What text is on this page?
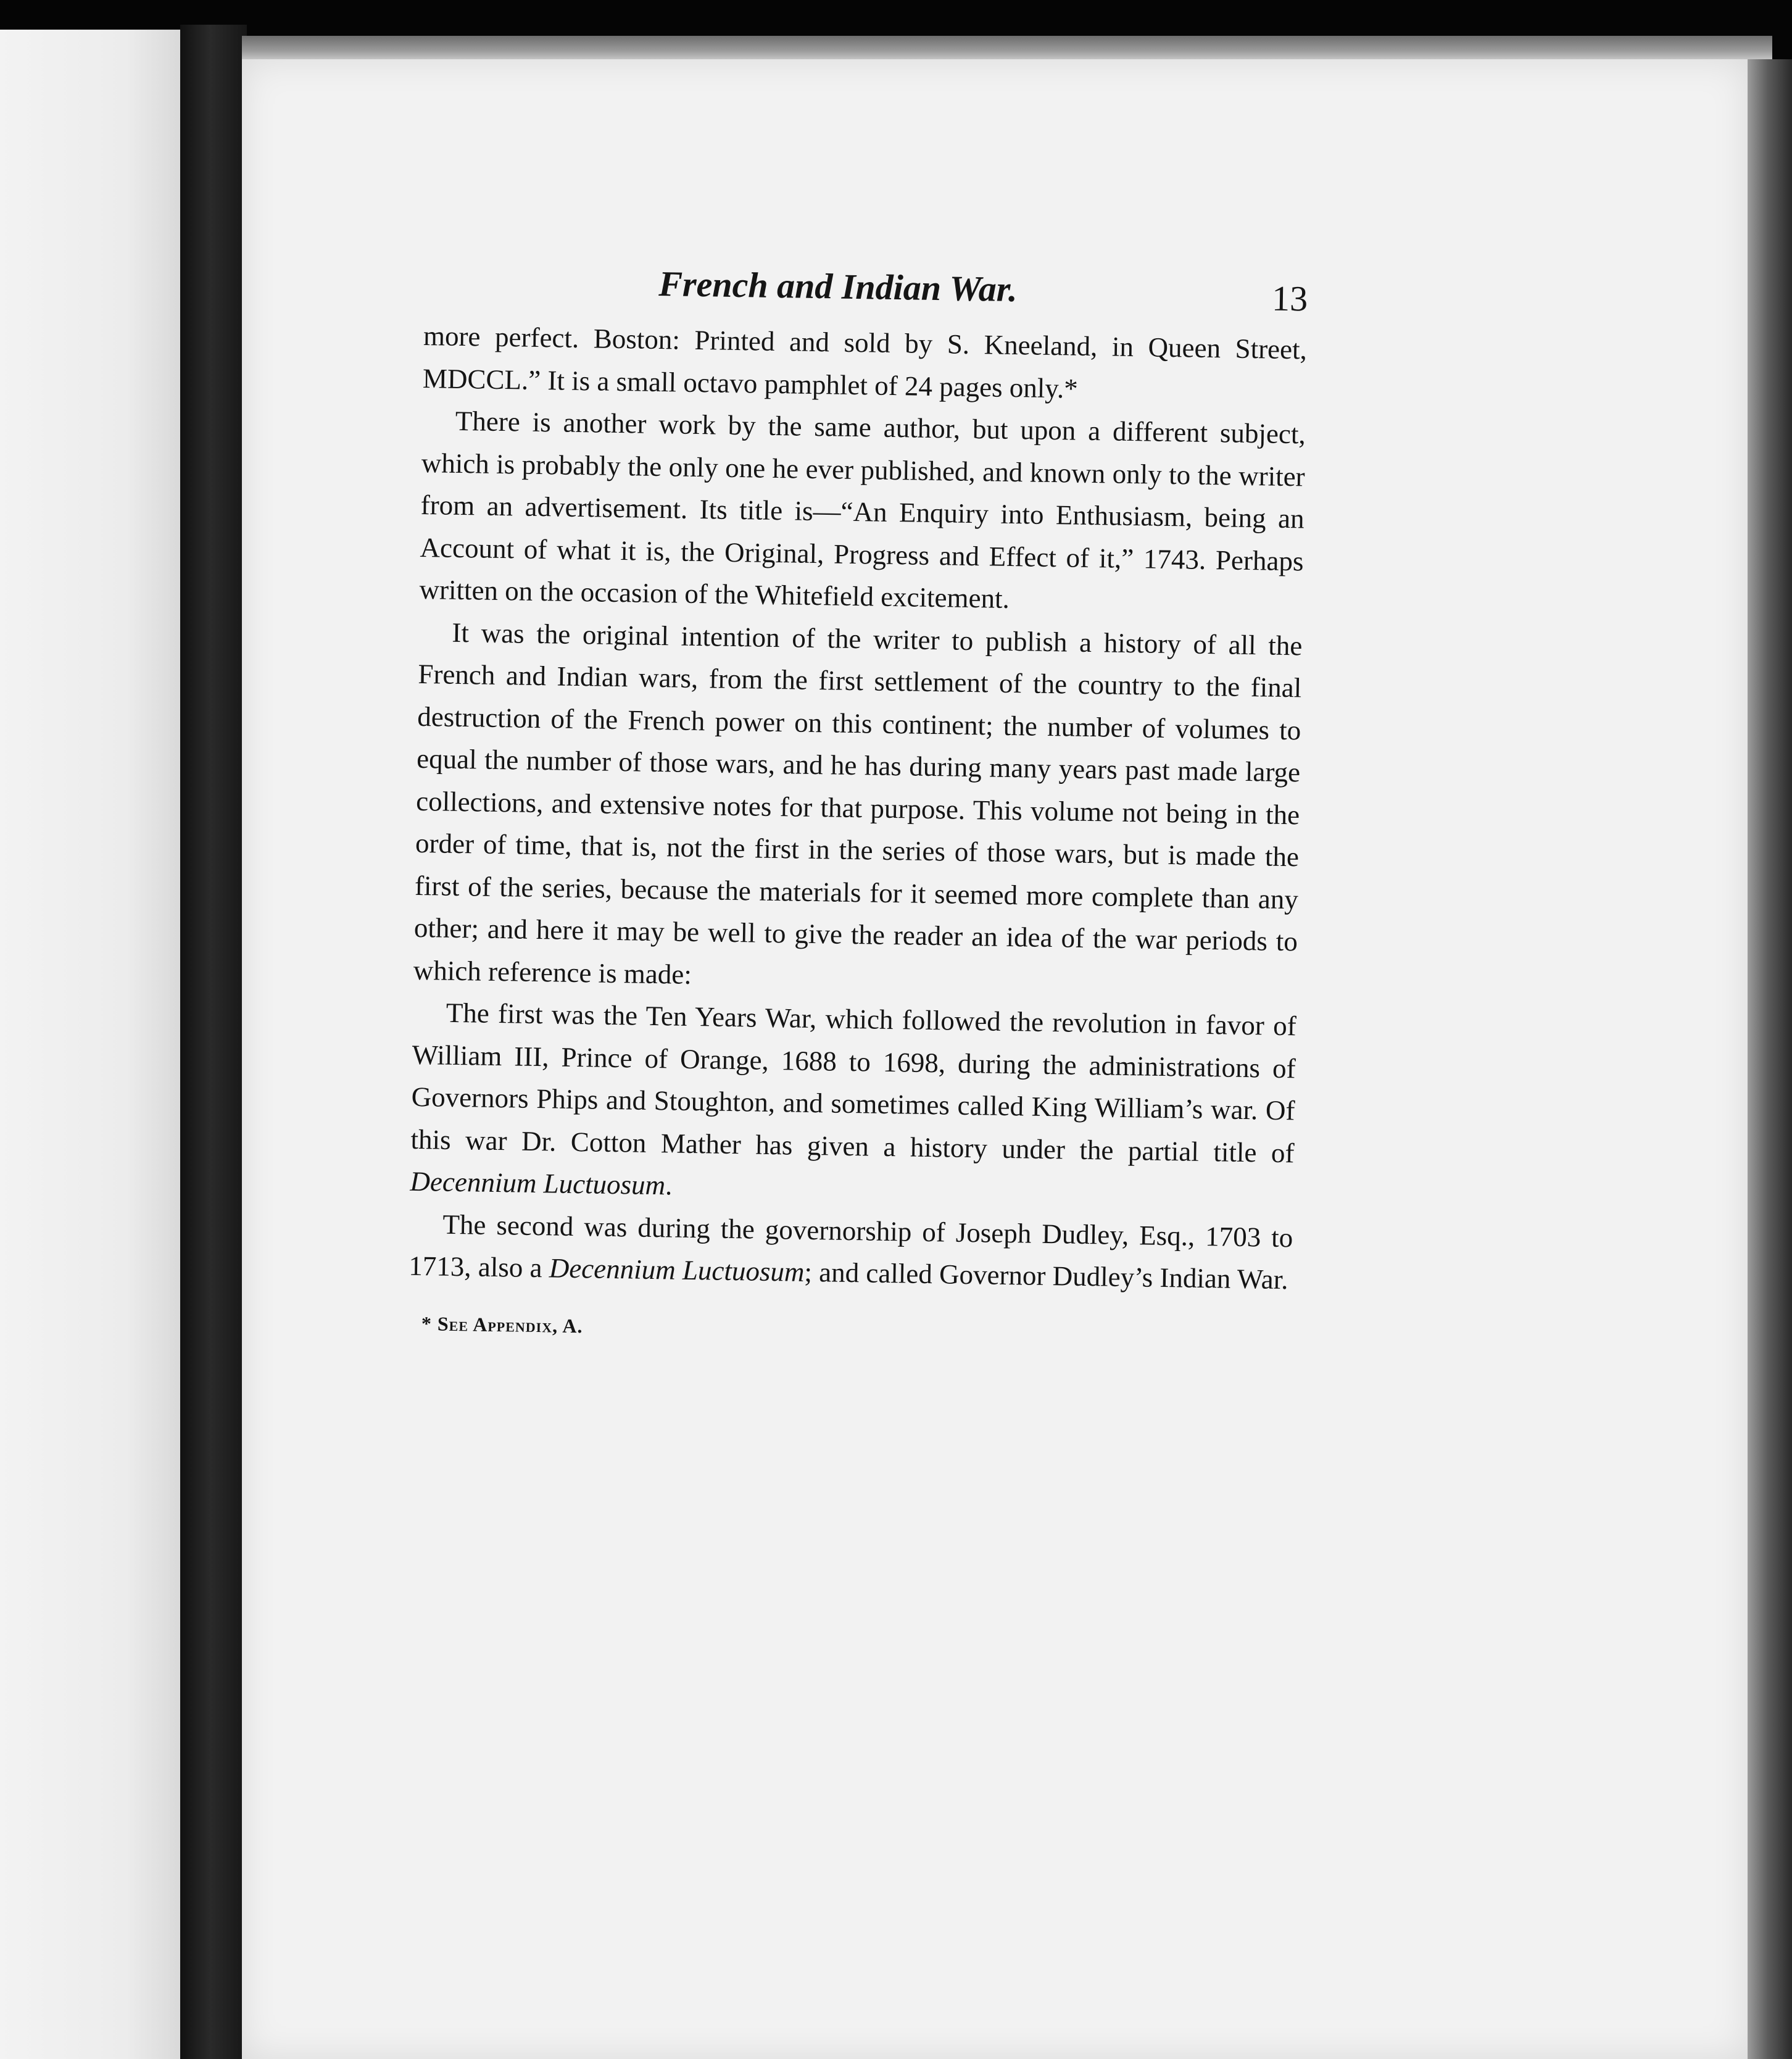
French and Indian War.	13

more perfect. Boston: Printed and sold by S. Kneeland, in Queen Street, MDCCL.” It is a small octavo pamphlet of 24 pages only.*

There is another work by the same author, but upon a different subject, which is probably the only one he ever published, and known only to the writer from an advertisement. Its title is—“An Enquiry into Enthusiasm, being an Account of what it is, the Original, Progress and Effect of it,” 1743. Perhaps written on the occasion of the Whitefield excitement.

It was the original intention of the writer to publish a history of all the French and Indian wars, from the first settlement of the country to the final destruction of the French power on this continent; the number of volumes to equal the number of those wars, and he has during many years past made large collections, and extensive notes for that purpose. This volume not being in the order of time, that is, not the first in the series of those wars, but is made the first of the series, because the materials for it seemed more complete than any other; and here it may be well to give the reader an idea of the war periods to which reference is made:

The first was the Ten Years War, which followed the revolution in favor of William III, Prince of Orange, 1688 to 1698, during the administrations of Governors Phips and Stoughton, and sometimes called King William’s war. Of this war Dr. Cotton Mather has given a history under the partial title of Decennium Luctuosum.

The second was during the governorship of Joseph Dudley, Esq., 1703 to 1713, also a Decennium Luctuosum; and called Governor Dudley’s Indian War.

* See Appendix, A.
